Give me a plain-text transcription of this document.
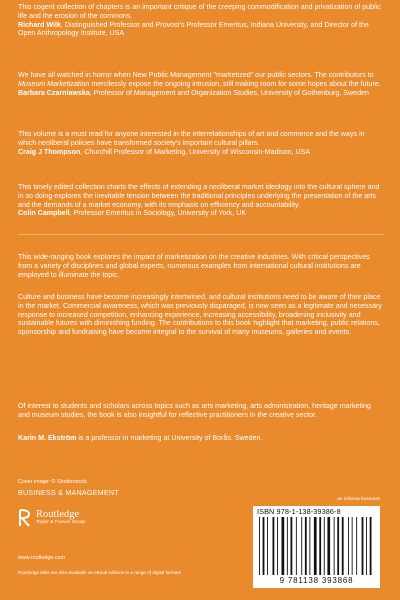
This cogent collection of chapters is an important critique of the creeping commodification and privatization of public life and the erosion of the commons.

Richard Wilk, Distinguished Professor and Provost's Professor Emeritus, Indiana University, and Director of the Open Anthropology Institute, USA

We have all watched in horror when New Public Management "marketized" our public sectors. The contributors to Museum Marketization mercilessly expose the ongoing intrusion, still making room for some hopes about the future.

Barbara Czarniawska, Professor of Management and Organization Studies, University of Gothenburg, Sweden

This volume is a must read for anyone interested in the interrelationships of art and commerce and the ways in which neoliberal policies have transformed society's important cultural pillars.

Craig J Thompson, Churchill Professor of Marketing, University of Wisconsin-Madison, USA

This timely edited collection charts the effects of extending a neoliberal market ideology into the cultural sphere and in so doing explores the inevitable tension between the traditional principles underlying the presentation of the arts and the demands of a market economy, with its emphasis on efficiency and accountability.

Colin Campbell, Professor Emeritus in Sociology, University of York, UK

This wide-ranging book explores the impact of marketization on the creative industries. With critical perspectives from a variety of disciplines and global experts, numerous examples from international cultural institutions are employed to illuminate the topic.

Culture and business have become increasingly intertwined, and cultural institutions need to be aware of their place in the market. Commercial awareness, which was previously disparaged, is now seen as a legitimate and necessary response to increased competition, enhancing experience, increasing accessibility, broadening inclusivity and sustainable futures with diminishing funding. The contributions to this book highlight that marketing, public relations, sponsorship and fundraising have become integral to the survival of many museums, galleries and events.

Of interest to students and scholars across topics such as arts marketing, arts administration, heritage marketing and museum studies, the book is also insightful for reflective practitioners in the creative sector.

Karin M. Ekström is a professor in marketing at University of Borås, Sweden.

Cover image: © Shutterstock
BUSINESS & MANAGEMENT
Routledge
Taylor & Francis Group
www.routledge.com
Routledge titles are also available as eBook editions in a range of digital formats
an informa business
ISBN 978-1-138-39386-8
9 781138 393868
